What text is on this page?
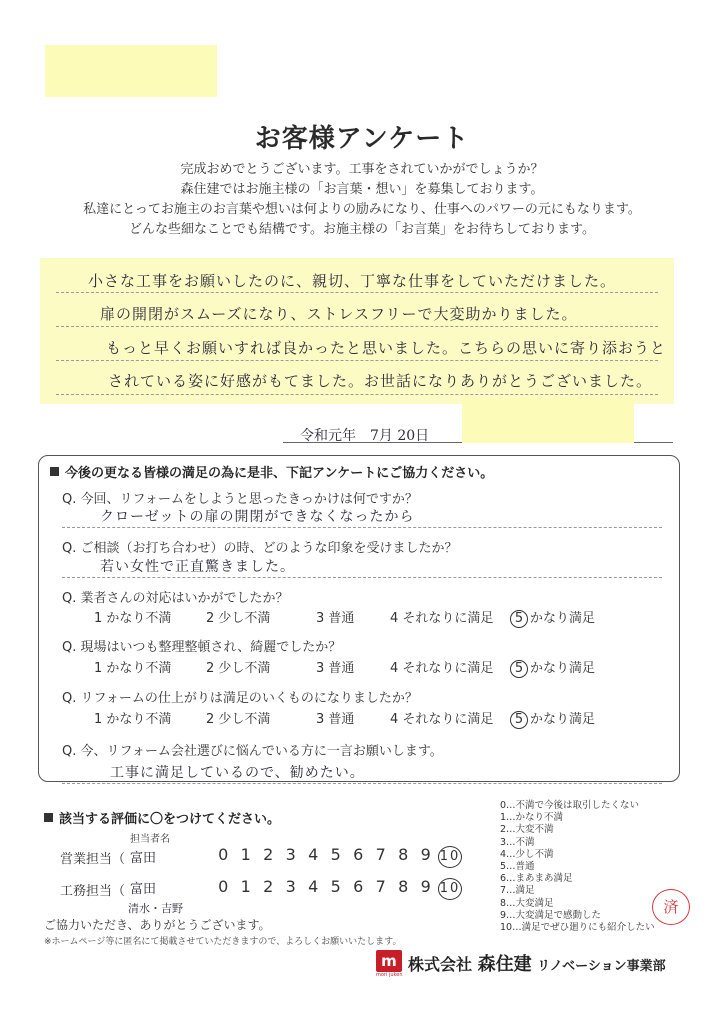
お客様アンケート
完成おめでとうございます。工事をされていかがでしょうか？
森住建ではお施主様の「お言葉・想い」を募集しております。
私達にとってお施主のお言葉や想いは何よりの励みになり、仕事へのパワーの元にもなります。
どんな些細なことでも結構です。お施主様の「お言葉」をお待ちしております。
小さな工事をお願いしたのに、親切、丁寧な仕事をしていただけました。
扉の開閉がスムーズになり、ストレスフリーで大変助かりました。
もっと早くお願いすれば良かったと思いました。こちらの思いに寄り添おうと
されている姿に好感がもてました。お世話になりありがとうございました。
令和元年　7月 20日
今後の更なる皆様の満足の為に是非、下記アンケートにご協力ください。
Q. 今回、リフォームをしようと思ったきっかけは何ですか？
クローゼットの扉の開閉ができなくなったから
Q. ご相談（お打ち合わせ）の時、どのような印象を受けましたか？
若い女性で正直驚きました。
Q. 業者さんの対応はいかがでしたか？
1 かなり不満	2 少し不満	3 普通	4 それなりに満足 5 かなり満足
Q. 現場はいつも整理整頓され、綺麗でしたか？
1 かなり不満	2 少し不満	3 普通	4 それなりに満足 5 かなり満足
Q. リフォームの仕上がりは満足のいくものになりましたか？
1 かなり不満	2 少し不満	3 普通	4 それなりに満足 5 かなり満足
Q. 今、リフォーム会社選びに悩んでいる方に一言お願いします。
工事に満足しているので、勧めたい。
該当する評価に〇をつけてください。
担当者名
営業担当（ 富田	0 1 2 3 4 5 6 7 8 9 10
工務担当（ 富田	0 1 2 3 4 5 6 7 8 9 10
清水・吉野
ご協力いただき、ありがとうございます。
※ホームページ等に匿名にて掲載させていただきますので、よろしくお願いいたします。
0…不満で今後は取引したくない
1…かなり不満
2…大変不満
3…不満
4…少し不満
5…普通
6…まあまあ満足
7…満足
8…大変満足
9…大変満足で感動した
10…満足でぜひ廻りにも紹介したい
済
m
mori juken
株式会社 森住建 リノベーション事業部
